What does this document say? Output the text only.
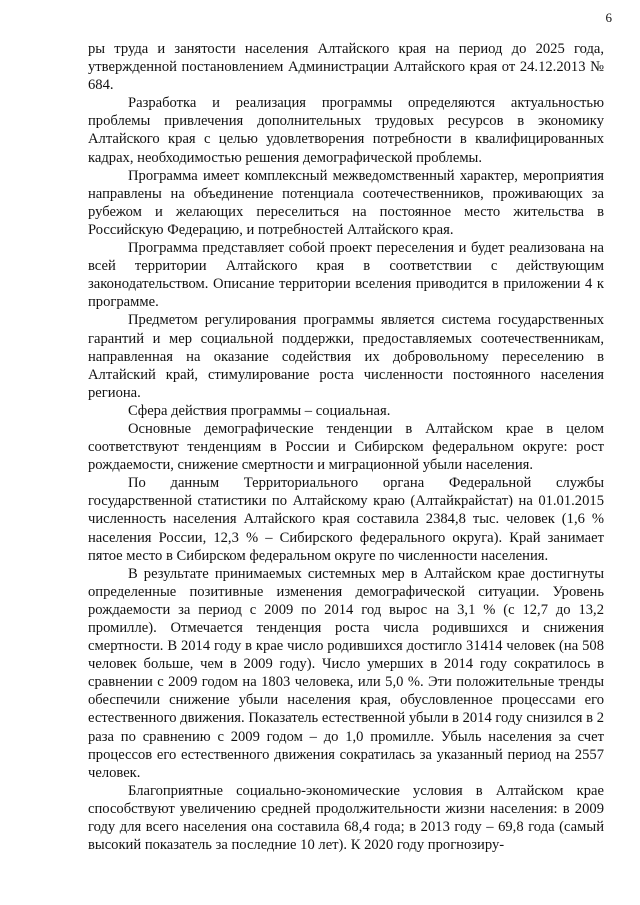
6

ры труда и занятости населения Алтайского края на период до 2025 года, утвержденной постановлением Администрации Алтайского края от 24.12.2013 № 684.

Разработка и реализация программы определяются актуальностью проблемы привлечения дополнительных трудовых ресурсов в экономику Алтайского края с целью удовлетворения потребности в квалифицированных кадрах, необходимостью решения демографической проблемы.

Программа имеет комплексный межведомственный характер, мероприятия направлены на объединение потенциала соотечественников, проживающих за рубежом и желающих переселиться на постоянное место жительства в Российскую Федерацию, и потребностей Алтайского края.

Программа представляет собой проект переселения и будет реализована на всей территории Алтайского края в соответствии с действующим законодательством. Описание территории вселения приводится в приложении 4 к программе.

Предметом регулирования программы является система государственных гарантий и мер социальной поддержки, предоставляемых соотечественникам, направленная на оказание содействия их добровольному переселению в Алтайский край, стимулирование роста численности постоянного населения региона.

Сфера действия программы – социальная.

Основные демографические тенденции в Алтайском крае в целом соответствуют тенденциям в России и Сибирском федеральном округе: рост рождаемости, снижение смертности и миграционной убыли населения.

По данным Территориального органа Федеральной службы государственной статистики по Алтайскому краю (Алтайкрайстат) на 01.01.2015 численность населения Алтайского края составила 2384,8 тыс. человек (1,6 % населения России, 12,3 % – Сибирского федерального округа). Край занимает пятое место в Сибирском федеральном округе по численности населения.

В результате принимаемых системных мер в Алтайском крае достигнуты определенные позитивные изменения демографической ситуации. Уровень рождаемости за период с 2009 по 2014 год вырос на 3,1 % (с 12,7 до 13,2 промилле). Отмечается тенденция роста числа родившихся и снижения смертности. В 2014 году в крае число родившихся достигло 31414 человек (на 508 человек больше, чем в 2009 году). Число умерших в 2014 году сократилось в сравнении с 2009 годом на 1803 человека, или 5,0 %. Эти положительные тренды обеспечили снижение убыли населения края, обусловленное процессами его естественного движения. Показатель естественной убыли в 2014 году снизился в 2 раза по сравнению с 2009 годом – до 1,0 промилле. Убыль населения за счет процессов его естественного движения сократилась за указанный период на 2557 человек.

Благоприятные социально-экономические условия в Алтайском крае способствуют увеличению средней продолжительности жизни населения: в 2009 году для всего населения она составила 68,4 года; в 2013 году – 69,8 года (самый высокий показатель за последние 10 лет). К 2020 году прогнозиру-
